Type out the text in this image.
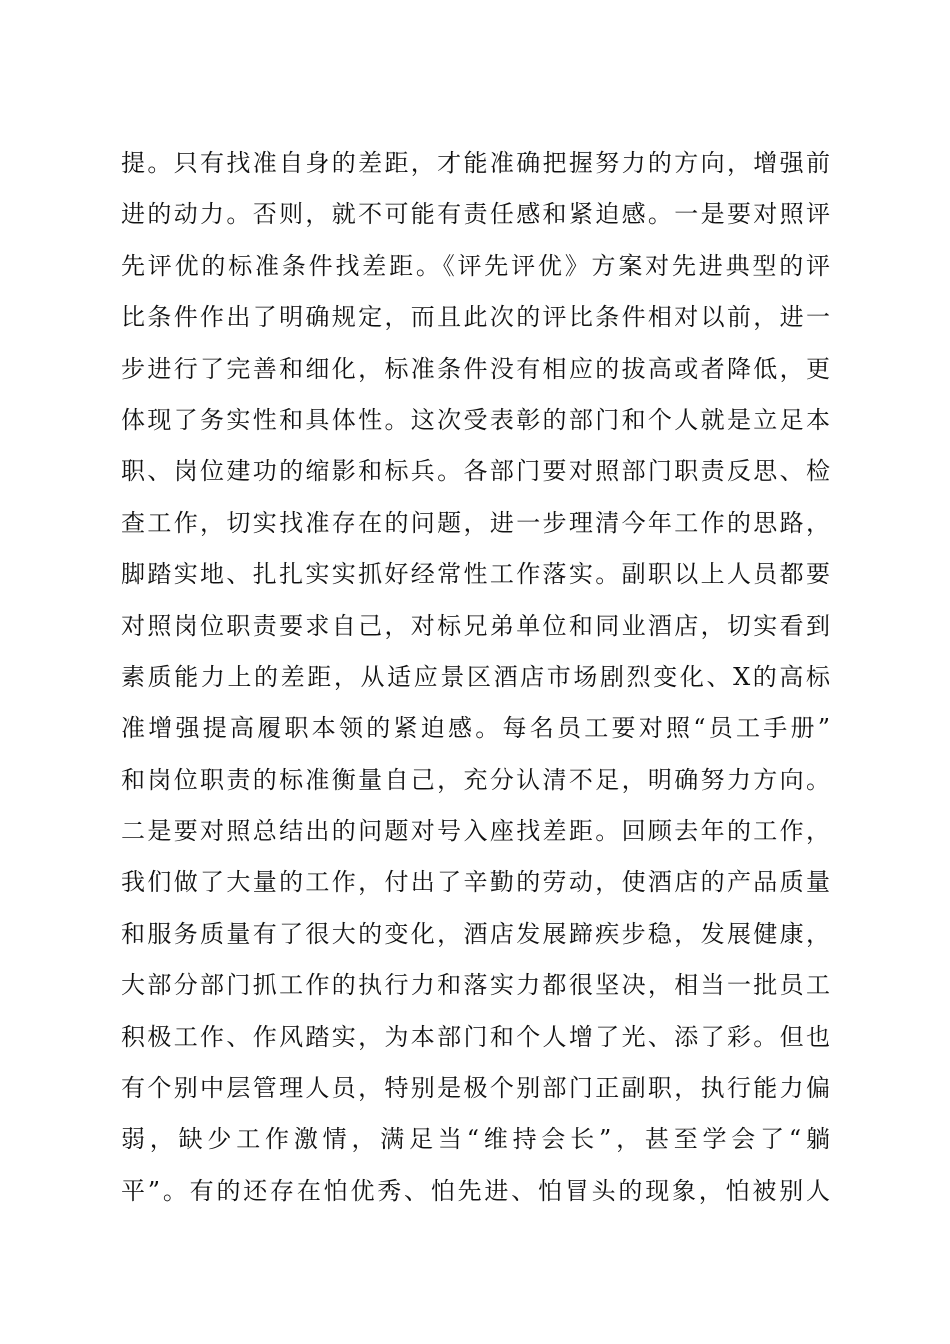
提。只有找准自身的差距，才能准确把握努力的方向，增强前
进的动力。否则，就不可能有责任感和紧迫感。一是要对照评
先评优的标准条件找差距。《评先评优》方案对先进典型的评
比条件作出了明确规定，而且此次的评比条件相对以前，进一
步进行了完善和细化，标准条件没有相应的拔高或者降低，更
体现了务实性和具体性。这次受表彰的部门和个人就是立足本
职、岗位建功的缩影和标兵。各部门要对照部门职责反思、检
查工作，切实找准存在的问题，进一步理清今年工作的思路，
脚踏实地、扎扎实实抓好经常性工作落实。副职以上人员都要
对照岗位职责要求自己，对标兄弟单位和同业酒店，切实看到
素质能力上的差距，从适应景区酒店市场剧烈变化、X的高标
准增强提高履职本领的紧迫感。每名员工要对照“员工手册”
和岗位职责的标准衡量自己，充分认清不足，明确努力方向。
二是要对照总结出的问题对号入座找差距。回顾去年的工作，
我们做了大量的工作，付出了辛勤的劳动，使酒店的产品质量
和服务质量有了很大的变化，酒店发展蹄疾步稳，发展健康，
大部分部门抓工作的执行力和落实力都很坚决，相当一批员工
积极工作、作风踏实，为本部门和个人增了光、添了彩。但也
有个别中层管理人员，特别是极个别部门正副职，执行能力偏
弱，缺少工作激情，满足当“维持会长”，甚至学会了“躺
平”。有的还存在怕优秀、怕先进、怕冒头的现象，怕被别人
